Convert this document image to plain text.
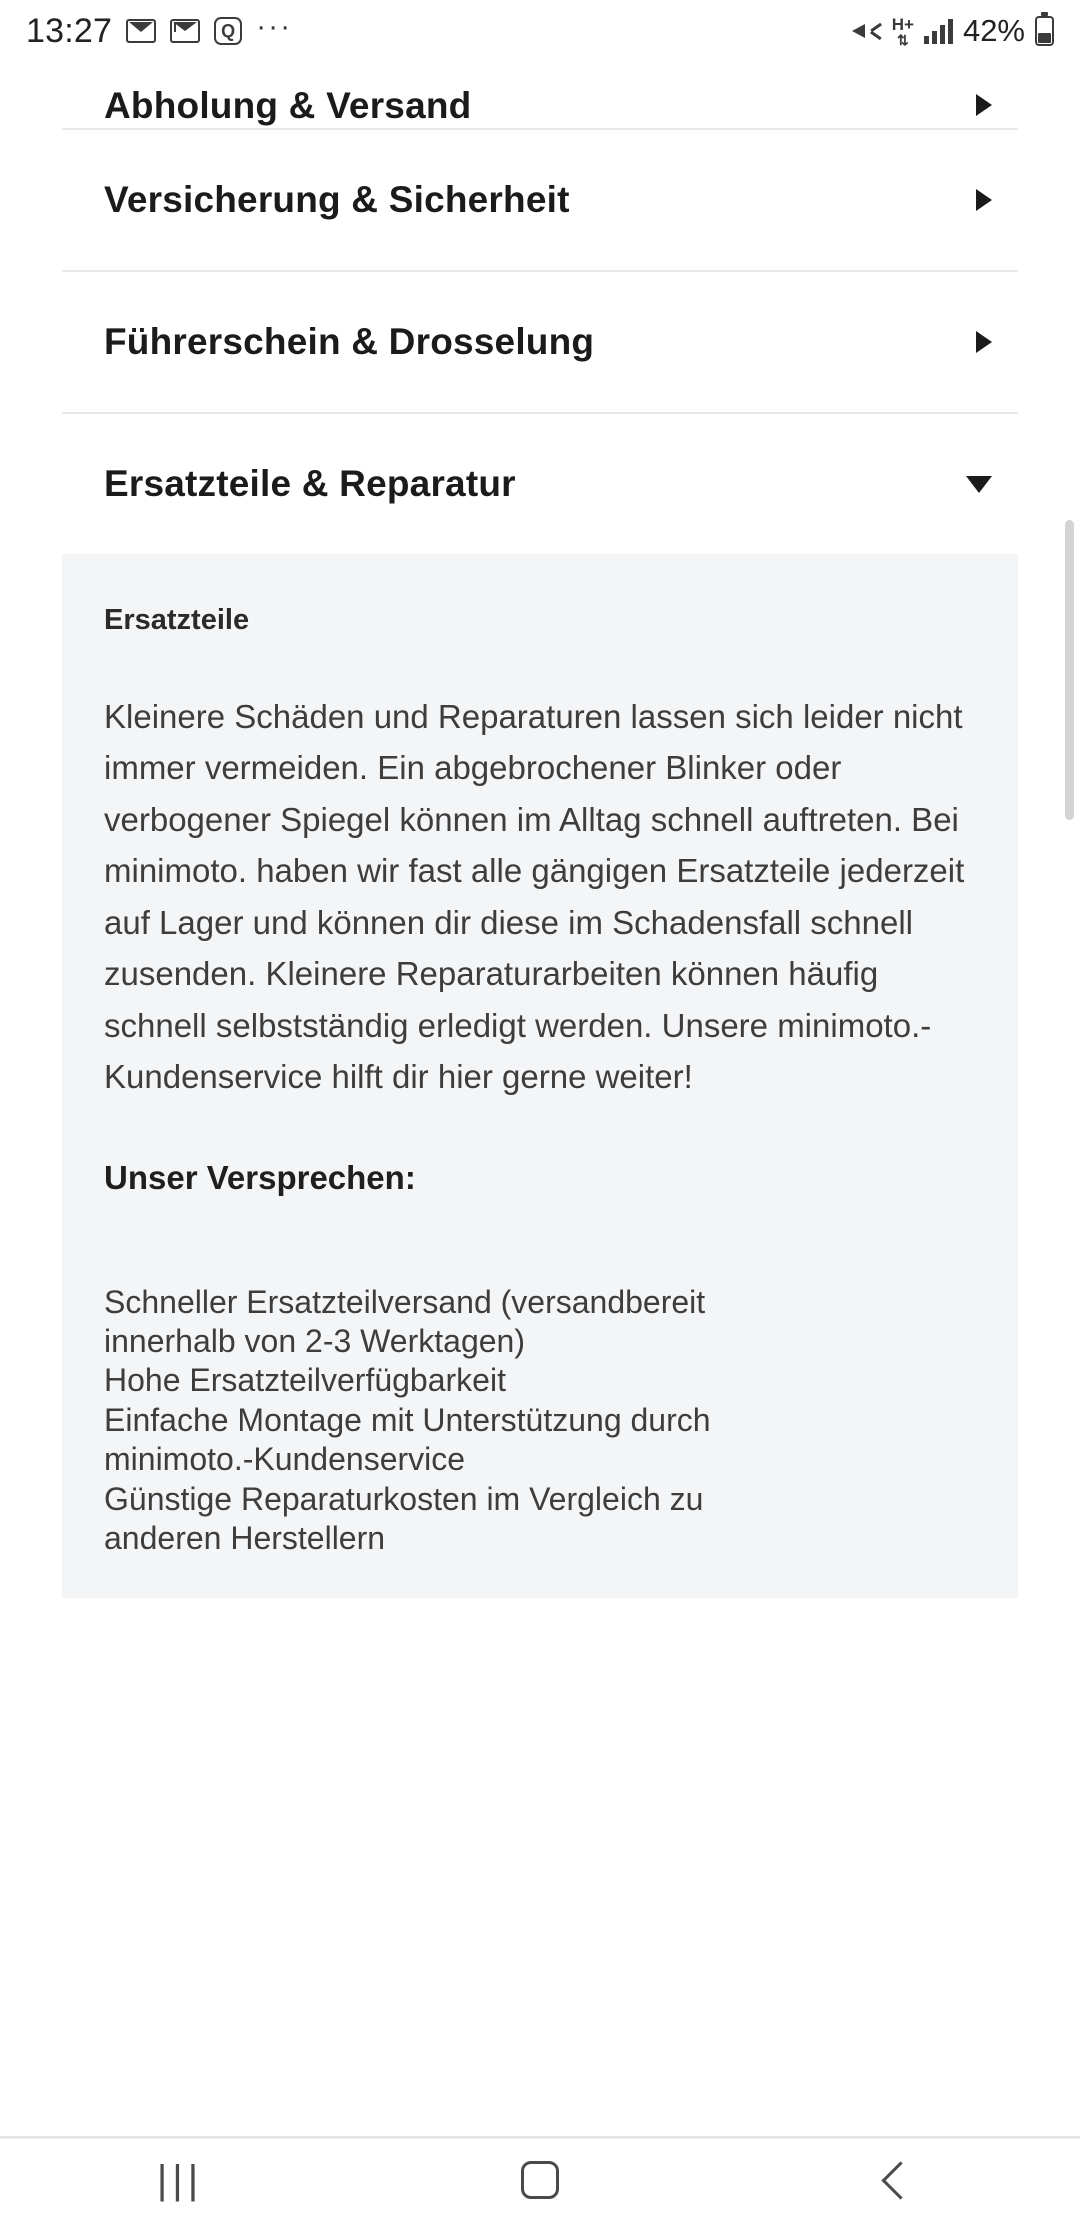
13:27	Q ···	H+
⇅ 42%
Abholung & Versand
Versicherung & Sicherheit
Führerschein & Drosselung
Ersatzteile & Reparatur
Ersatzteile

Kleinere Schäden und Reparaturen lassen sich leider nicht immer vermeiden. Ein abgebrochener Blinker oder verbogener Spiegel können im Alltag schnell auftreten. Bei minimoto. haben wir fast alle gängigen Ersatzteile jederzeit auf Lager und können dir diese im Schadensfall schnell zusenden. Kleinere Reparaturarbeiten können häufig schnell selbstständig erledigt werden. Unsere minimoto.-Kundenservice hilft dir hier gerne weiter!

Unser Versprechen:
Schneller Ersatzteilversand (versandbereit
innerhalb von 2-3 Werktagen)
Hohe Ersatzteilverfügbarkeit
Einfache Montage mit Unterstützung durch
minimoto.-Kundenservice
Günstige Reparaturkosten im Vergleich zu
anderen Herstellern
|||
